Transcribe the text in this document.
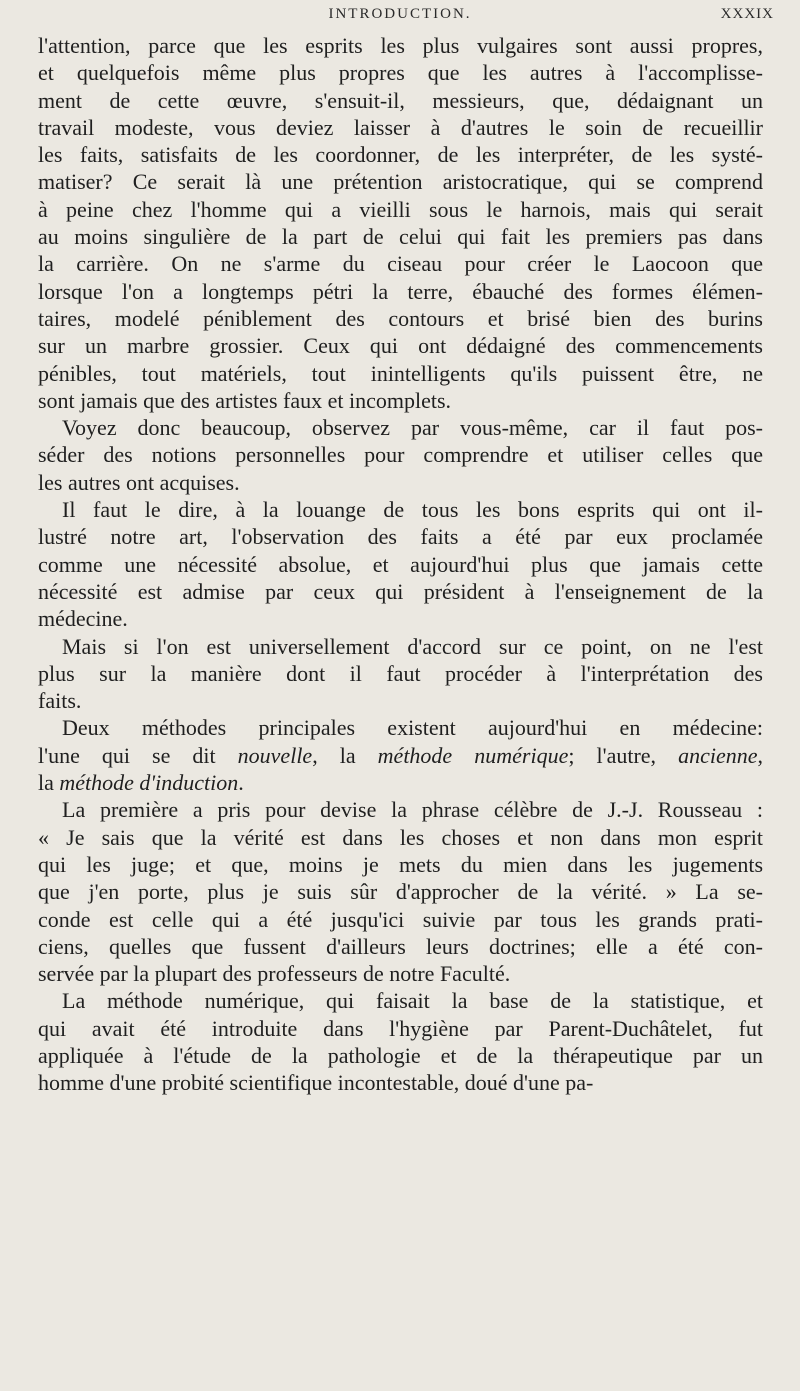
INTRODUCTION.	XXXIX
l'attention, parce que les esprits les plus vulgaires sont aussi propres,
et quelquefois même plus propres que les autres à l'accomplisse-
ment de cette œuvre, s'ensuit-il, messieurs, que, dédaignant un
travail modeste, vous deviez laisser à d'autres le soin de recueillir
les faits, satisfaits de les coordonner, de les interpréter, de les systé-
matiser? Ce serait là une prétention aristocratique, qui se comprend
à peine chez l'homme qui a vieilli sous le harnois, mais qui serait
au moins singulière de la part de celui qui fait les premiers pas dans
la carrière. On ne s'arme du ciseau pour créer le Laocoon que
lorsque l'on a longtemps pétri la terre, ébauché des formes élémen-
taires, modelé péniblement des contours et brisé bien des burins
sur un marbre grossier. Ceux qui ont dédaigné des commencements
pénibles, tout matériels, tout inintelligents qu'ils puissent être, ne
sont jamais que des artistes faux et incomplets.
Voyez donc beaucoup, observez par vous-même, car il faut pos-
séder des notions personnelles pour comprendre et utiliser celles que
les autres ont acquises.
Il faut le dire, à la louange de tous les bons esprits qui ont il-
lustré notre art, l'observation des faits a été par eux proclamée
comme une nécessité absolue, et aujourd'hui plus que jamais cette
nécessité est admise par ceux qui président à l'enseignement de la
médecine.
Mais si l'on est universellement d'accord sur ce point, on ne l'est
plus sur la manière dont il faut procéder à l'interprétation des
faits.
Deux méthodes principales existent aujourd'hui en médecine:
l'une qui se dit nouvelle, la méthode numérique; l'autre, ancienne,
la méthode d'induction.
La première a pris pour devise la phrase célèbre de J.-J. Rousseau :
« Je sais que la vérité est dans les choses et non dans mon esprit
qui les juge; et que, moins je mets du mien dans les jugements
que j'en porte, plus je suis sûr d'approcher de la vérité. » La se-
conde est celle qui a été jusqu'ici suivie par tous les grands prati-
ciens, quelles que fussent d'ailleurs leurs doctrines; elle a été con-
servée par la plupart des professeurs de notre Faculté.
La méthode numérique, qui faisait la base de la statistique, et
qui avait été introduite dans l'hygiène par Parent-Duchâtelet, fut
appliquée à l'étude de la pathologie et de la thérapeutique par un
homme d'une probité scientifique incontestable, doué d'une pa-
